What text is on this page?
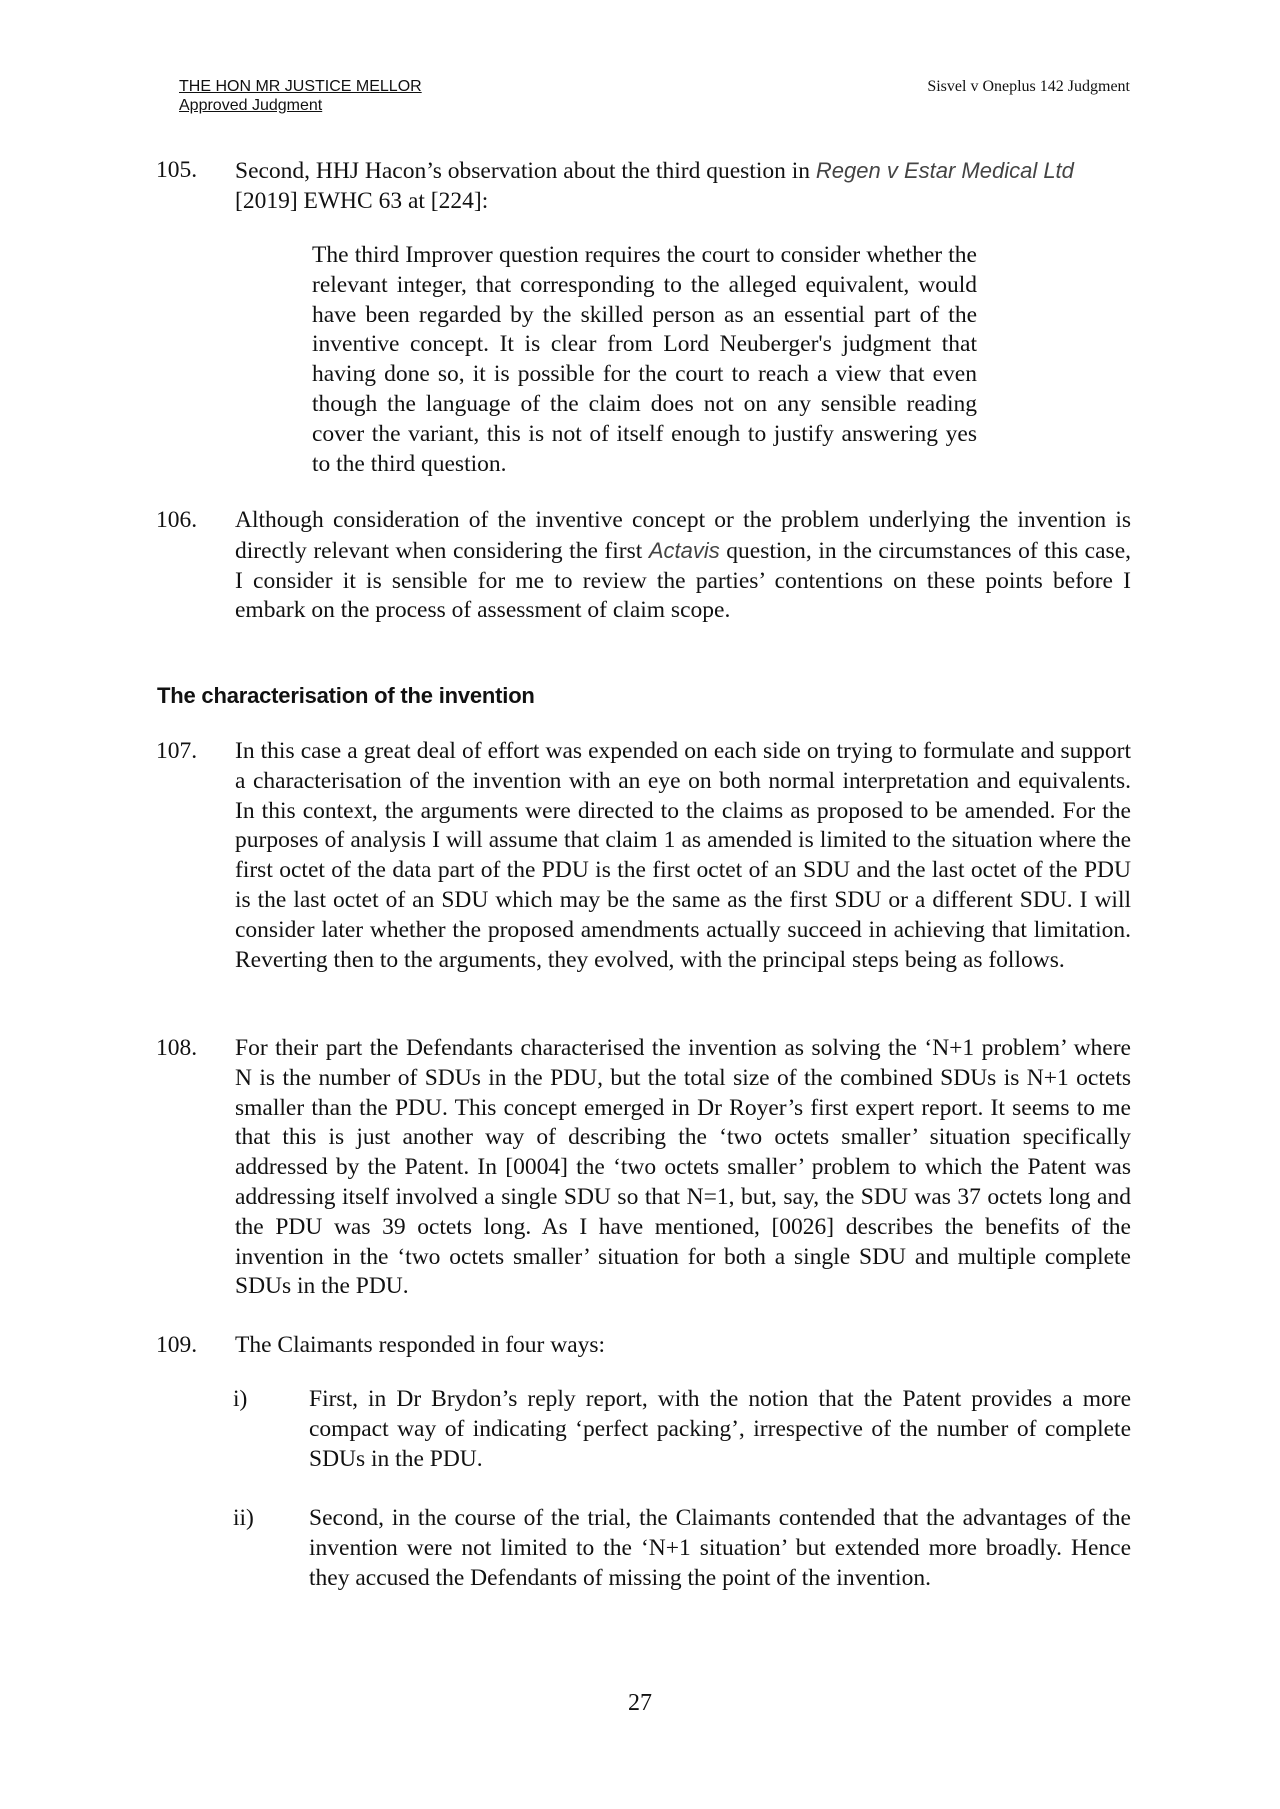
THE HON MR JUSTICE MELLOR
Approved Judgment
Sisvel v Oneplus 142 Judgment
105. Second, HHJ Hacon’s observation about the third question in Regen v Estar Medical Ltd [2019] EWHC 63 at [224]:
The third Improver question requires the court to consider whether the relevant integer, that corresponding to the alleged equivalent, would have been regarded by the skilled person as an essential part of the inventive concept. It is clear from Lord Neuberger's judgment that having done so, it is possible for the court to reach a view that even though the language of the claim does not on any sensible reading cover the variant, this is not of itself enough to justify answering yes to the third question.
106. Although consideration of the inventive concept or the problem underlying the invention is directly relevant when considering the first Actavis question, in the circumstances of this case, I consider it is sensible for me to review the parties’ contentions on these points before I embark on the process of assessment of claim scope.
The characterisation of the invention
107. In this case a great deal of effort was expended on each side on trying to formulate and support a characterisation of the invention with an eye on both normal interpretation and equivalents. In this context, the arguments were directed to the claims as proposed to be amended. For the purposes of analysis I will assume that claim 1 as amended is limited to the situation where the first octet of the data part of the PDU is the first octet of an SDU and the last octet of the PDU is the last octet of an SDU which may be the same as the first SDU or a different SDU. I will consider later whether the proposed amendments actually succeed in achieving that limitation. Reverting then to the arguments, they evolved, with the principal steps being as follows.
108. For their part the Defendants characterised the invention as solving the ‘N+1 problem’ where N is the number of SDUs in the PDU, but the total size of the combined SDUs is N+1 octets smaller than the PDU. This concept emerged in Dr Royer’s first expert report. It seems to me that this is just another way of describing the ‘two octets smaller’ situation specifically addressed by the Patent. In [0004] the ‘two octets smaller’ problem to which the Patent was addressing itself involved a single SDU so that N=1, but, say, the SDU was 37 octets long and the PDU was 39 octets long. As I have mentioned, [0026] describes the benefits of the invention in the ‘two octets smaller’ situation for both a single SDU and multiple complete SDUs in the PDU.
109. The Claimants responded in four ways:
i)	First, in Dr Brydon’s reply report, with the notion that the Patent provides a more compact way of indicating ‘perfect packing’, irrespective of the number of complete SDUs in the PDU.
ii) Second, in the course of the trial, the Claimants contended that the advantages of the invention were not limited to the ‘N+1 situation’ but extended more broadly. Hence they accused the Defendants of missing the point of the invention.
27
